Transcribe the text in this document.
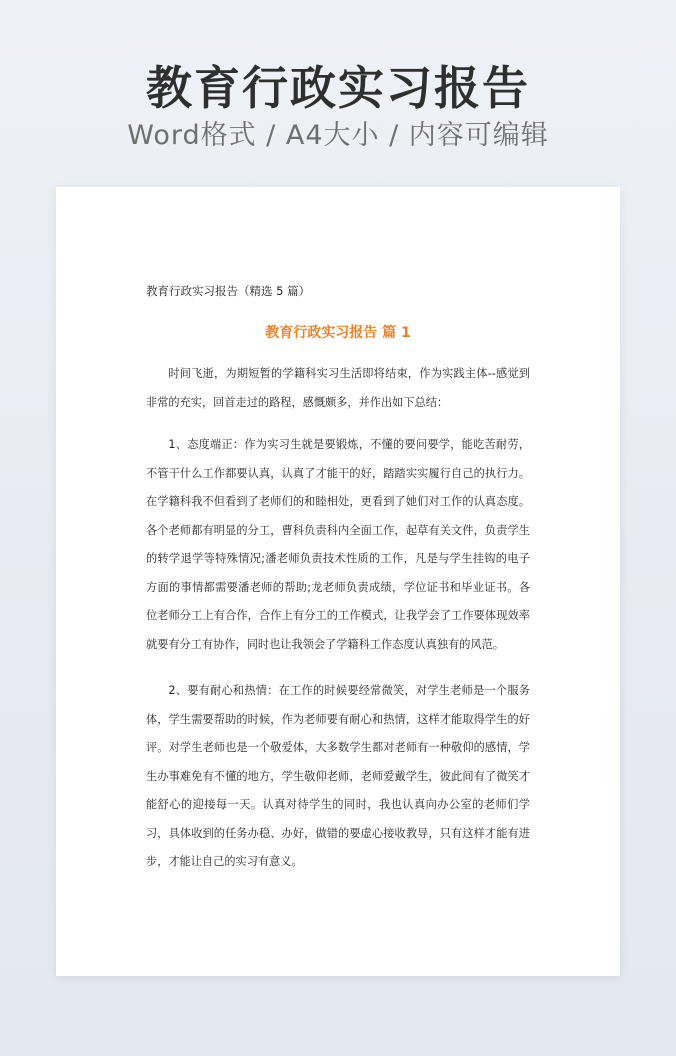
教育行政实习报告

Word格式 / A4大小 / 内容可编辑

教育行政实习报告（精选 5 篇）

教育行政实习报告 篇 1

时间飞逝，为期短暂的学籍科实习生活即将结束，作为实践主体--感觉到非常的充实，回首走过的路程，感慨颇多，并作出如下总结：

1、态度端正：作为实习生就是要锻炼，不懂的要问要学，能吃苦耐劳，不管干什么工作都要认真，认真了才能干的好，踏踏实实履行自己的执行力。在学籍科我不但看到了老师们的和睦相处，更看到了她们对工作的认真态度。各个老师都有明显的分工，曹科负责科内全面工作，起草有关文件，负责学生的转学退学等特殊情况;潘老师负责技术性质的工作，凡是与学生挂钩的电子方面的事情都需要潘老师的帮助;龙老师负责成绩，学位证书和毕业证书。各位老师分工上有合作，合作上有分工的工作模式，让我学会了工作要体现效率就要有分工有协作，同时也让我领会了学籍科工作态度认真独有的风范。

2、要有耐心和热情：在工作的时候要经常微笑，对学生老师是一个服务体，学生需要帮助的时候，作为老师要有耐心和热情，这样才能取得学生的好评。对学生老师也是一个敬爱体，大多数学生都对老师有一种敬仰的感情，学生办事难免有不懂的地方，学生敬仰老师，老师爱戴学生，彼此间有了微笑才能舒心的迎接每一天。认真对待学生的同时，我也认真向办公室的老师们学习，具体收到的任务办稳、办好，做错的要虚心接收教导，只有这样才能有进步，才能让自己的实习有意义。
